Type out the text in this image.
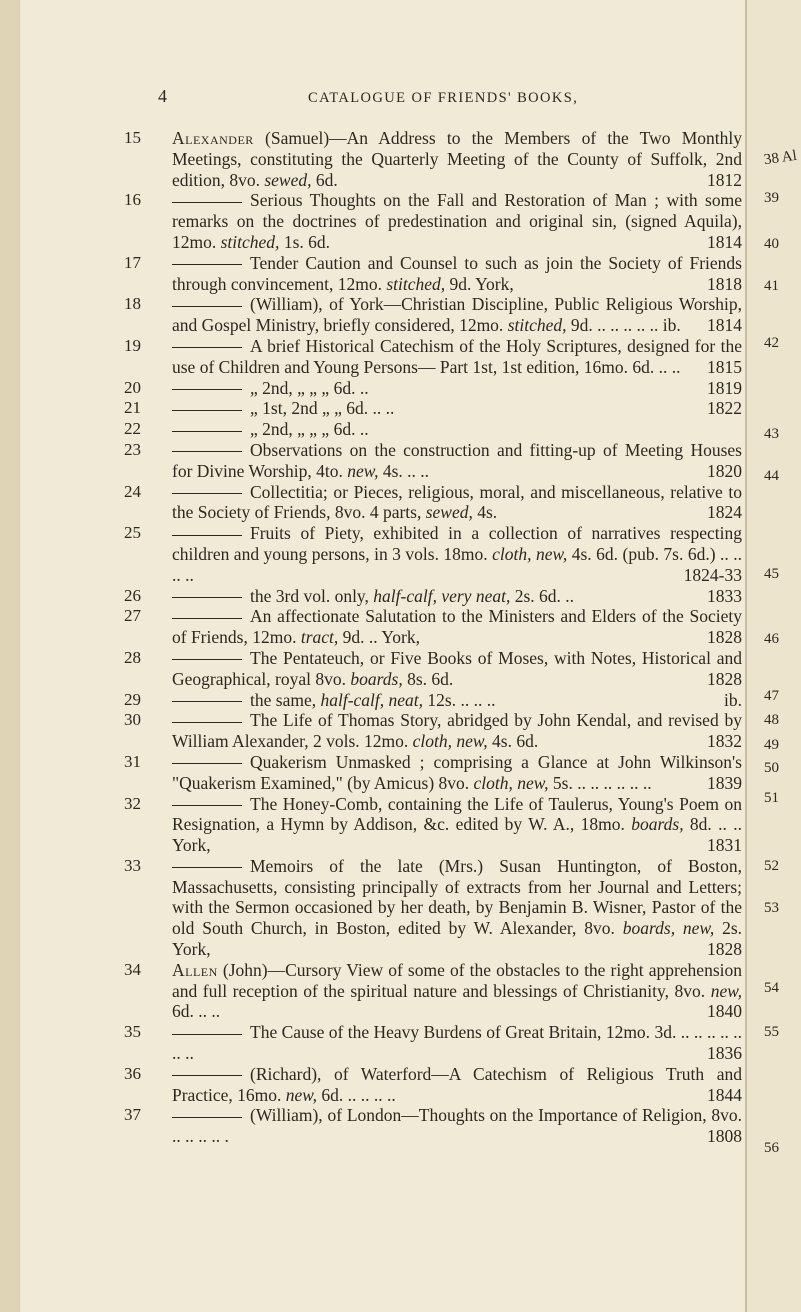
4	CATALOGUE OF FRIENDS' BOOKS,
15 Alexander (Samuel)—An Address to the Members of the Two Monthly Meetings, constituting the Quarterly Meeting of the County of Suffolk, 2nd edition, 8vo. sewed, 6d.	1812
16	Serious Thoughts on the Fall and Restoration of Man ; with some remarks on the doctrines of predestination and original sin, (signed Aquila), 12mo. stitched, 1s. 6d.	1814
17	Tender Caution and Counsel to such as join the Society of Friends through convincement, 12mo. stitched, 9d. York,	1818
18	(William), of York—Christian Discipline, Public Religious Worship, and Gospel Ministry, briefly considered, 12mo. stitched, 9d. .. .. .. .. .. ib. 1814
19	A brief Historical Catechism of the Holy Scriptures, designed for the use of Children and Young Persons— Part 1st, 1st edition, 16mo. 6d. .. .. 1815
20	„ 2nd, „ „ „ 6d. ..	1819
21	„ 1st, 2nd „ „ 6d. .. ..	1822
22	„ 2nd, „ „ „ 6d. ..
23	Observations on the construction and fitting-up of Meeting Houses for Divine Worship, 4to. new, 4s. .. ..	1820
24	Collectitia; or Pieces, religious, moral, and miscellaneous, relative to the Society of Friends, 8vo. 4 parts, sewed, 4s.	1824
25	Fruits of Piety, exhibited in a collection of narratives respecting children and young persons, in 3 vols. 18mo. cloth, new, 4s. 6d. (pub. 7s. 6d.) .. .. .. ..	1824-33
26	the 3rd vol. only, half-calf, very neat, 2s. 6d. ..	1833
27	An affectionate Salutation to the Ministers and Elders of the Society of Friends, 12mo. tract, 9d. .. York,	1828
28	The Pentateuch, or Five Books of Moses, with Notes, Historical and Geographical, royal 8vo. boards, 8s. 6d.	1828
29	the same, half-calf, neat, 12s. .. .. ..	ib.
30	The Life of Thomas Story, abridged by John Kendal, and revised by William Alexander, 2 vols. 12mo. cloth, new, 4s. 6d.	1832
31	Quakerism Unmasked ; comprising a Glance at John Wilkinson's "Quakerism Examined," (by Amicus) 8vo. cloth, new, 5s. .. .. .. .. .. ..	1839
32	The Honey-Comb, containing the Life of Taulerus, Young's Poem on Resignation, a Hymn by Addison, &c. edited by W. A., 18mo. boards, 8d. .. .. York,	1831
33	Memoirs of the late (Mrs.) Susan Huntington, of Boston, Massachusetts, consisting principally of extracts from her Journal and Letters; with the Sermon occasioned by her death, by Benjamin B. Wisner, Pastor of the old South Church, in Boston, edited by W. Alexander, 8vo. boards, new, 2s. York,	1828
34 Allen (John)—Cursory View of some of the obstacles to the right apprehension and full reception of the spiritual nature and blessings of Christianity, 8vo. new, 6d. .. ..	1840
35	The Cause of the Heavy Burdens of Great Britain, 12mo. 3d. .. .. .. .. .. .. ..	1836
36	(Richard), of Waterford—A Catechism of Religious Truth and Practice, 16mo. new, 6d. .. .. .. ..	1844
37	(William), of London—Thoughts on the Importance of Religion, 8vo. .. .. .. .. .	1808
38 Al
39
40
41
42
43
44
45
46
47
48
49
50
51
52
53
54
55
56
